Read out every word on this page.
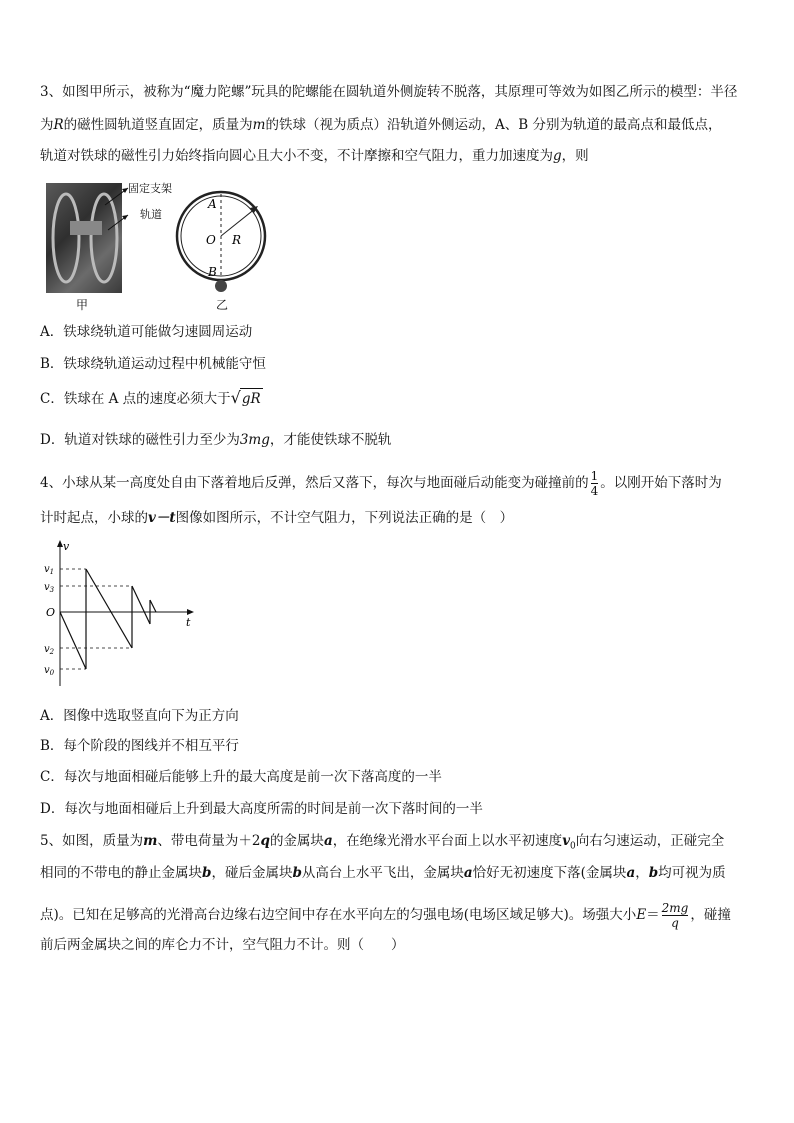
3、如图甲所示，被称为“魔力陀螺”玩具的陀螺能在圆轨道外侧旋转不脱落，其原理可等效为如图乙所示的模型：半径
为R的磁性圆轨道竖直固定，质量为m的铁球（视为质点）沿轨道外侧运动，A、B 分别为轨道的最高点和最低点，
轨道对铁球的磁性引力始终指向圆心且大小不变，不计摩擦和空气阻力，重力加速度为g，则
固定支架
轨道
甲
A
O R
B
乙
A．铁球绕轨道可能做匀速圆周运动
B．铁球绕轨道运动过程中机械能守恒
C．铁球在 A 点的速度必须大于√gR
D．轨道对铁球的磁性引力至少为3mg，才能使铁球不脱轨
4、小球从某一高度处自由下落着地后反弹，然后又落下，每次与地面碰后动能变为碰撞前的 $\frac{1}{4}$ 。以刚开始下落时为
计时起点，小球的v－t图像如图所示，不计空气阻力，下列说法正确的是（　）
v
t
O
$v_1$
$v_3$
$v_2$
$v_0$
A．图像中选取竖直向下为正方向
B．每个阶段的图线并不相互平行
C．每次与地面相碰后能够上升的最大高度是前一次下落高度的一半
D．每次与地面相碰后上升到最大高度所需的时间是前一次下落时间的一半
5、如图，质量为m、带电荷量为＋2q的金属块a，在绝缘光滑水平台面上以水平初速度$v_0$向右匀速运动，正碰完全
相同的不带电的静止金属块b，碰后金属块b从高台上水平飞出，金属块a恰好无初速度下落(金属块a，b均可视为质
点)。已知在足够高的光滑高台边缘右边空间中存在水平向左的匀强电场(电场区域足够大)。场强大小$E= \frac{2mg}{q}$ ，碰撞
前后两金属块之间的库仑力不计，空气阻力不计。则（　　）
